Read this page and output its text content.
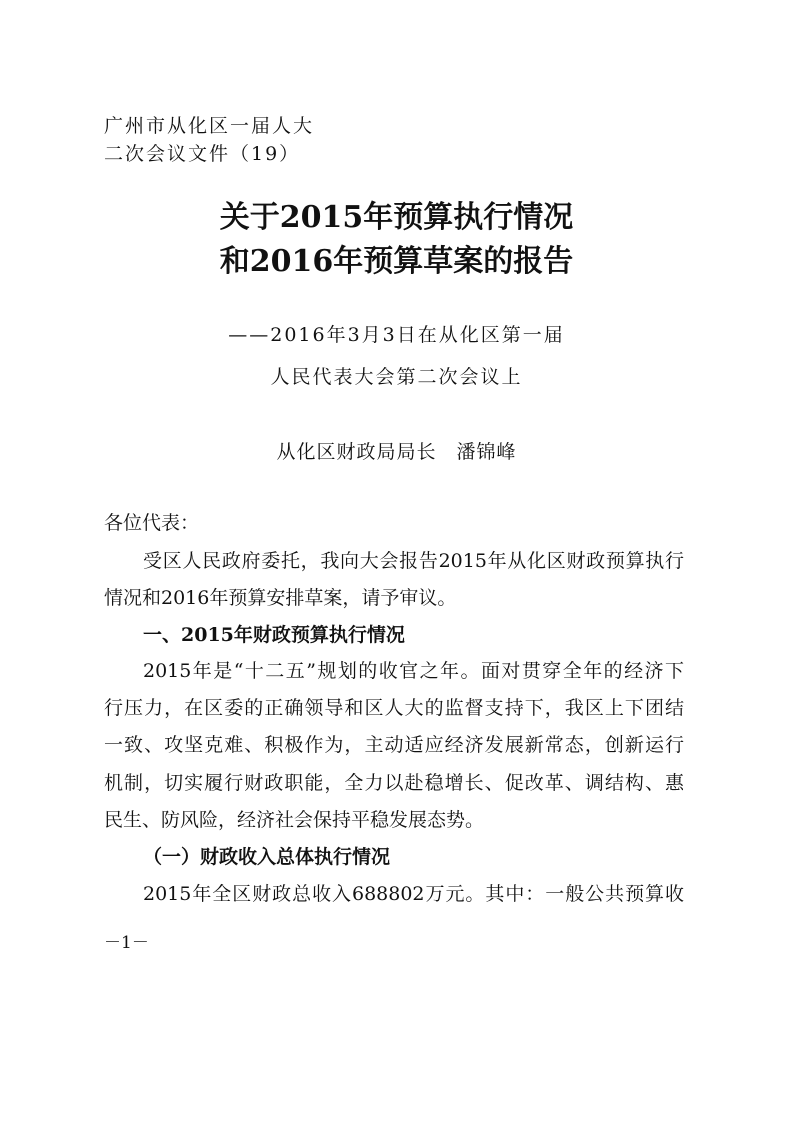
广州市从化区一届人大
二次会议文件（19）
关于2015年预算执行情况
和2016年预算草案的报告
——2016年3月3日在从化区第一届
人民代表大会第二次会议上
从化区财政局局长　潘锦峰
各位代表：
受区人民政府委托，我向大会报告2015年从化区财政预算执行
情况和2016年预算安排草案，请予审议。
一、2015年财政预算执行情况
2015年是“十二五”规划的收官之年。面对贯穿全年的经济下
行压力，在区委的正确领导和区人大的监督支持下，我区上下团结
一致、攻坚克难、积极作为，主动适应经济发展新常态，创新运行
机制，切实履行财政职能，全力以赴稳增长、促改革、调结构、惠
民生、防风险，经济社会保持平稳发展态势。
（一）财政收入总体执行情况
2015年全区财政总收入688802万元。其中：一般公共预算收
－1－
